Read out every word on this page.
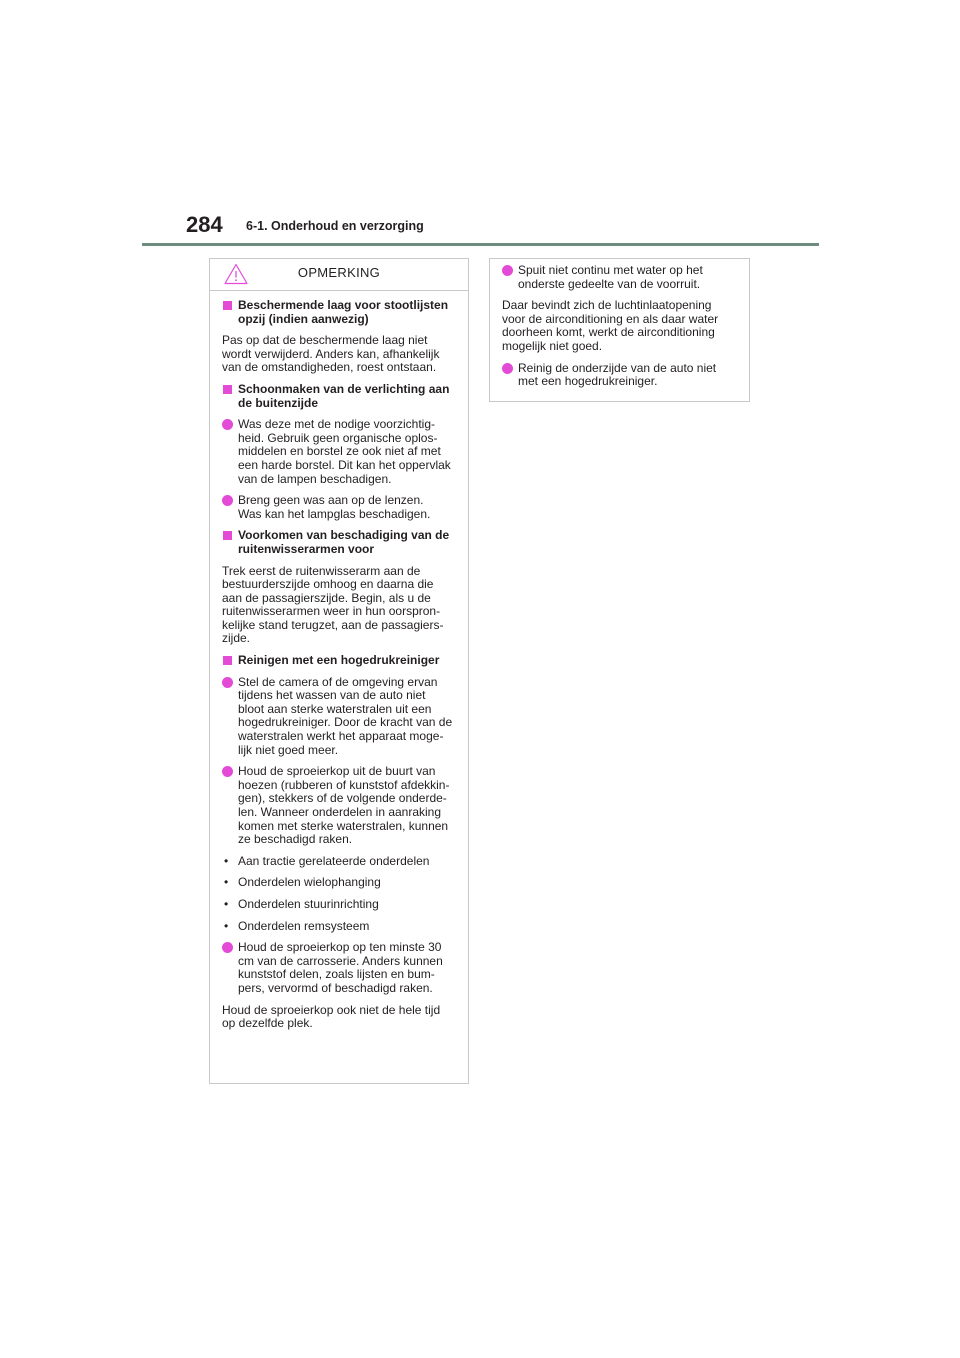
284 6-1. Onderhoud en verzorging
OPMERKING
Beschermende laag voor stootlijsten
opzij (indien aanwezig)
Pas op dat de beschermende laag niet
wordt verwijderd. Anders kan, afhankelijk
van de omstandigheden, roest ontstaan.
Schoonmaken van de verlichting aan
de buitenzijde
Was deze met de nodige voorzichtig-
heid. Gebruik geen organische oplos-
middelen en borstel ze ook niet af met
een harde borstel. Dit kan het oppervlak
van de lampen beschadigen.
Breng geen was aan op de lenzen.
Was kan het lampglas beschadigen.
Voorkomen van beschadiging van de
ruitenwisserarmen voor
Trek eerst de ruitenwisserarm aan de
bestuurderszijde omhoog en daarna die
aan de passagierszijde. Begin, als u de
ruitenwisserarmen weer in hun oorspron-
kelijke stand terugzet, aan de passagiers-
zijde.
Reinigen met een hogedrukreiniger
Stel de camera of de omgeving ervan
tijdens het wassen van de auto niet
bloot aan sterke waterstralen uit een
hogedrukreiniger. Door de kracht van de
waterstralen werkt het apparaat moge-
lijk niet goed meer.
Houd de sproeierkop uit de buurt van
hoezen (rubberen of kunststof afdekkin-
gen), stekkers of de volgende onderde-
len. Wanneer onderdelen in aanraking
komen met sterke waterstralen, kunnen
ze beschadigd raken.
• Aan tractie gerelateerde onderdelen
• Onderdelen wielophanging
• Onderdelen stuurinrichting
• Onderdelen remsysteem
Houd de sproeierkop op ten minste 30
cm van de carrosserie. Anders kunnen
kunststof delen, zoals lijsten en bum-
pers, vervormd of beschadigd raken.
Houd de sproeierkop ook niet de hele tijd
op dezelfde plek.
Spuit niet continu met water op het
onderste gedeelte van de voorruit.
Daar bevindt zich de luchtinlaatopening
voor de airconditioning en als daar water
doorheen komt, werkt de airconditioning
mogelijk niet goed.
Reinig de onderzijde van de auto niet
met een hogedrukreiniger.
